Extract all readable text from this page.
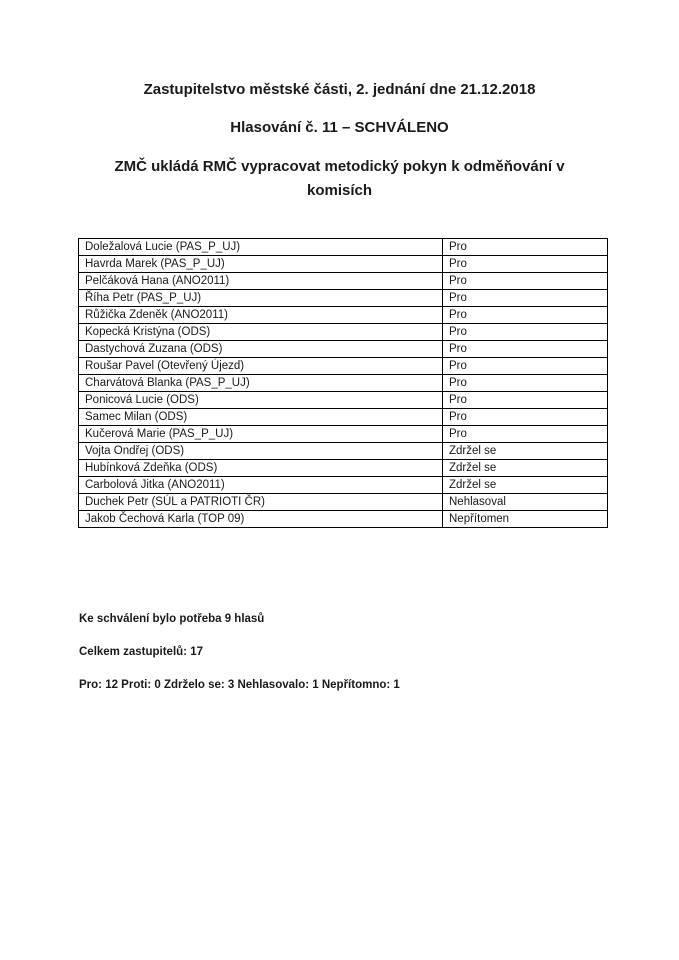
Zastupitelstvo městské části, 2. jednání dne 21.12.2018
Hlasování č. 11 – SCHVÁLENO
ZMČ ukládá RMČ vypracovat metodický pokyn k odměňování v komisích
Doležalová Lucie (PAS_P_UJ)	Pro
Havrda Marek (PAS_P_UJ)	Pro
Pelčáková Hana (ANO2011)	Pro
Říha Petr (PAS_P_UJ)	Pro
Růžička Zdeněk (ANO2011)	Pro
Kopecká Kristýna (ODS)	Pro
Dastychová Zuzana (ODS)	Pro
Roušar Pavel (Otevřený Újezd)	Pro
Charvátová Blanka (PAS_P_UJ)	Pro
Ponicová Lucie (ODS)	Pro
Samec Milan (ODS)	Pro
Kučerová Marie (PAS_P_UJ)	Pro
Vojta Ondřej (ODS)	Zdržel se
Hubínková Zdeňka (ODS)	Zdržel se
Carbolová Jitka (ANO2011)	Zdržel se
Duchek Petr (SÚL a PATRIOTI ČR)	Nehlasoval
Jakob Čechová Karla (TOP 09)	Nepřítomen
Ke schválení bylo potřeba 9 hlasů
Celkem zastupitelů: 17
Pro: 12 Proti: 0 Zdrželo se: 3 Nehlasovalo: 1 Nepřítomno: 1
